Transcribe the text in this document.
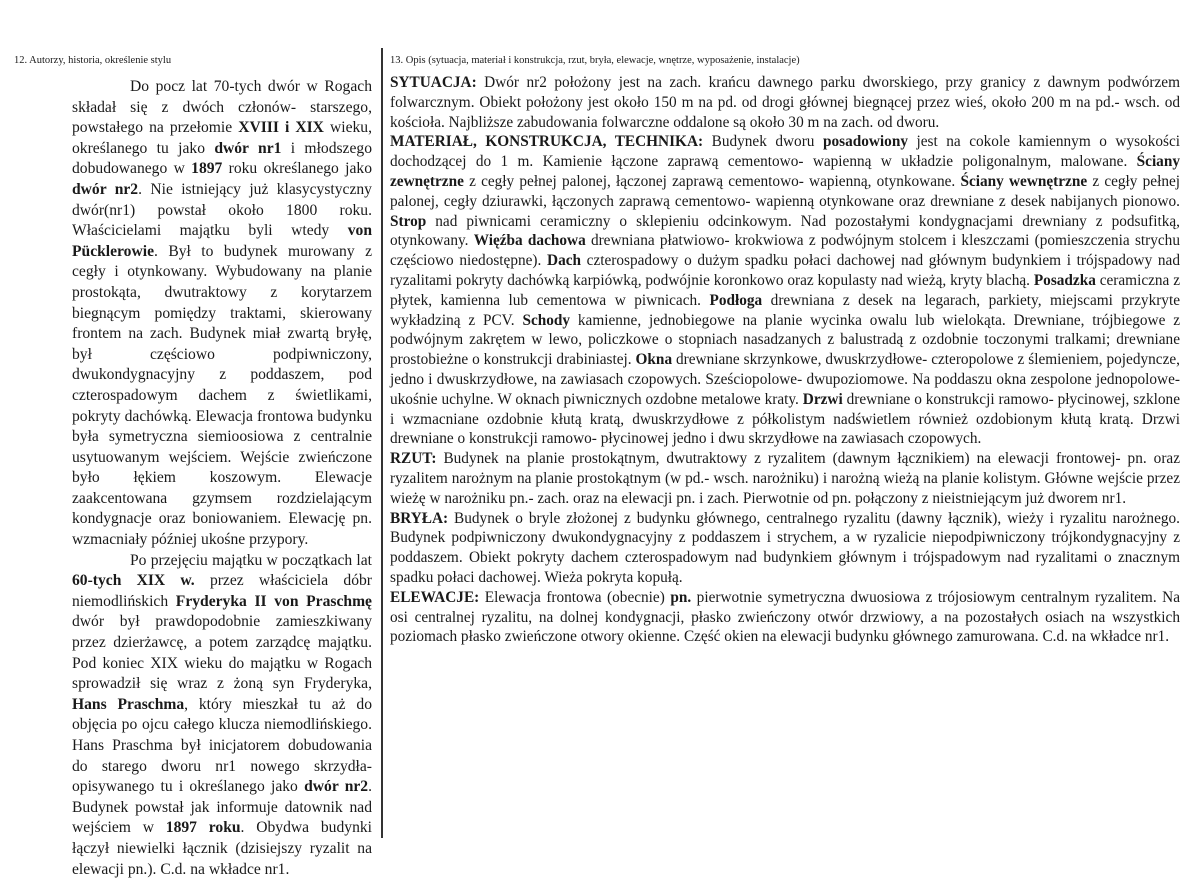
12. Autorzy, historia, określenie stylu

Do pocz lat 70-tych dwór w Rogach składał się z dwóch członów- starszego, powstałego na przełomie XVIII i XIX wieku, określanego tu jako dwór nr1 i młodszego dobudowanego w 1897 roku określanego jako dwór nr2. Nie istniejący już klasycystyczny dwór(nr1) powstał około 1800 roku. Właścicielami majątku byli wtedy von Pücklerowie. Był to budynek murowany z cegły i otynkowany. Wybudowany na planie prostokąta, dwutraktowy z korytarzem biegnącym pomiędzy traktami, skierowany frontem na zach. Budynek miał zwartą bryłę, był częściowo podpiwniczony, dwukondygnacyjny z poddaszem, pod czterospadowym dachem z świetlikami, pokryty dachówką. Elewacja frontowa budynku była symetryczna siemioosiowa z centralnie usytuowanym wejściem. Wejście zwieńczone było łękiem koszowym. Elewacje zaakcentowana gzymsem rozdzielającym kondygnacje oraz boniowaniem. Elewację pn. wzmacniały później ukośne przypory.

Po przejęciu majątku w początkach lat 60-tych XIX w. przez właściciela dóbr niemodlińskich Fryderyka II von Praschmę dwór był prawdopodobnie zamieszkiwany przez dzierżawcę, a potem zarządcę majątku. Pod koniec XIX wieku do majątku w Rogach sprowadził się wraz z żoną syn Fryderyka, Hans Praschma, który mieszkał tu aż do objęcia po ojcu całego klucza niemodlińskiego. Hans Praschma był inicjatorem dobudowania do starego dworu nr1 nowego skrzydła- opisywanego tu i określanego jako dwór nr2. Budynek powstał jak informuje datownik nad wejściem w 1897 roku. Obydwa budynki łączył niewielki łącznik (dzisiejszy ryzalit na elewacji pn.). C.d. na wkładce nr1.

13. Opis (sytuacja, materiał i konstrukcja, rzut, bryła, elewacje, wnętrze, wyposażenie, instalacje)

SYTUACJA: Dwór nr2 położony jest na zach. krańcu dawnego parku dworskiego, przy granicy z dawnym podwórzem folwarcznym. Obiekt położony jest około 150 m na pd. od drogi głównej biegnącej przez wieś, około 200 m na pd.- wsch. od kościoła. Najbliższe zabudowania folwarczne oddalone są około 30 m na zach. od dworu.

MATERIAŁ, KONSTRUKCJA, TECHNIKA: Budynek dworu posadowiony jest na cokole kamiennym o wysokości dochodzącej do 1 m. Kamienie łączone zaprawą cementowo- wapienną w układzie poligonalnym, malowane. Ściany zewnętrzne z cegły pełnej palonej, łączonej zaprawą cementowo- wapienną, otynkowane. Ściany wewnętrzne z cegły pełnej palonej, cegły dziurawki, łączonych zaprawą cementowo- wapienną otynkowane oraz drewniane z desek nabijanych pionowo. Strop nad piwnicami ceramiczny o sklepieniu odcinkowym. Nad pozostałymi kondygnacjami drewniany z podsufitką, otynkowany. Więźba dachowa drewniana płatwiowo- krokwiowa z podwójnym stolcem i kleszczami (pomieszczenia strychu częściowo niedostępne). Dach czterospadowy o dużym spadku połaci dachowej nad głównym budynkiem i trójspadowy nad ryzalitami pokryty dachówką karpiówką, podwójnie koronkowo oraz kopulasty nad wieżą, kryty blachą. Posadzka ceramiczna z płytek, kamienna lub cementowa w piwnicach. Podłoga drewniana z desek na legarach, parkiety, miejscami przykryte wykładziną z PCV. Schody kamienne, jednobiegowe na planie wycinka owalu lub wielokąta. Drewniane, trójbiegowe z podwójnym zakrętem w lewo, policzkowe o stopniach nasadzanych z balustradą z ozdobnie toczonymi tralkami; drewniane prostobieżne o konstrukcji drabiniastej. Okna drewniane skrzynkowe, dwuskrzydłowe- czteropolowe z ślemieniem, pojedyncze, jedno i dwuskrzydłowe, na zawiasach czopowych. Sześciopolowe- dwupoziomowe. Na poddaszu okna zespolone jednopolowe- ukośnie uchylne. W oknach piwnicznych ozdobne metalowe kraty. Drzwi drewniane o konstrukcji ramowo- płycinowej, szklone i wzmacniane ozdobnie kłutą kratą, dwuskrzydłowe z półkolistym nadświetlem również ozdobionym kłutą kratą. Drzwi drewniane o konstrukcji ramowo- płycinowej jedno i dwu skrzydłowe na zawiasach czopowych.

RZUT: Budynek na planie prostokątnym, dwutraktowy z ryzalitem (dawnym łącznikiem) na elewacji frontowej- pn. oraz ryzalitem narożnym na planie prostokątnym (w pd.- wsch. narożniku) i narożną wieżą na planie kolistym. Główne wejście przez wieżę w narożniku pn.- zach. oraz na elewacji pn. i zach. Pierwotnie od pn. połączony z nieistniejącym już dworem nr1.

BRYŁA: Budynek o bryle złożonej z budynku głównego, centralnego ryzalitu (dawny łącznik), wieży i ryzalitu narożnego. Budynek podpiwniczony dwukondygnacyjny z poddaszem i strychem, a w ryzalicie niepodpiwniczony trójkondygnacyjny z poddaszem. Obiekt pokryty dachem czterospadowym nad budynkiem głównym i trójspadowym nad ryzalitami o znacznym spadku połaci dachowej. Wieża pokryta kopułą.

ELEWACJE: Elewacja frontowa (obecnie) pn. pierwotnie symetryczna dwuosiowa z trójosiowym centralnym ryzalitem. Na osi centralnej ryzalitu, na dolnej kondygnacji, płasko zwieńczony otwór drzwiowy, a na pozostałych osiach na wszystkich poziomach płasko zwieńczone otwory okienne. Część okien na elewacji budynku głównego zamurowana. C.d. na wkładce nr1.
